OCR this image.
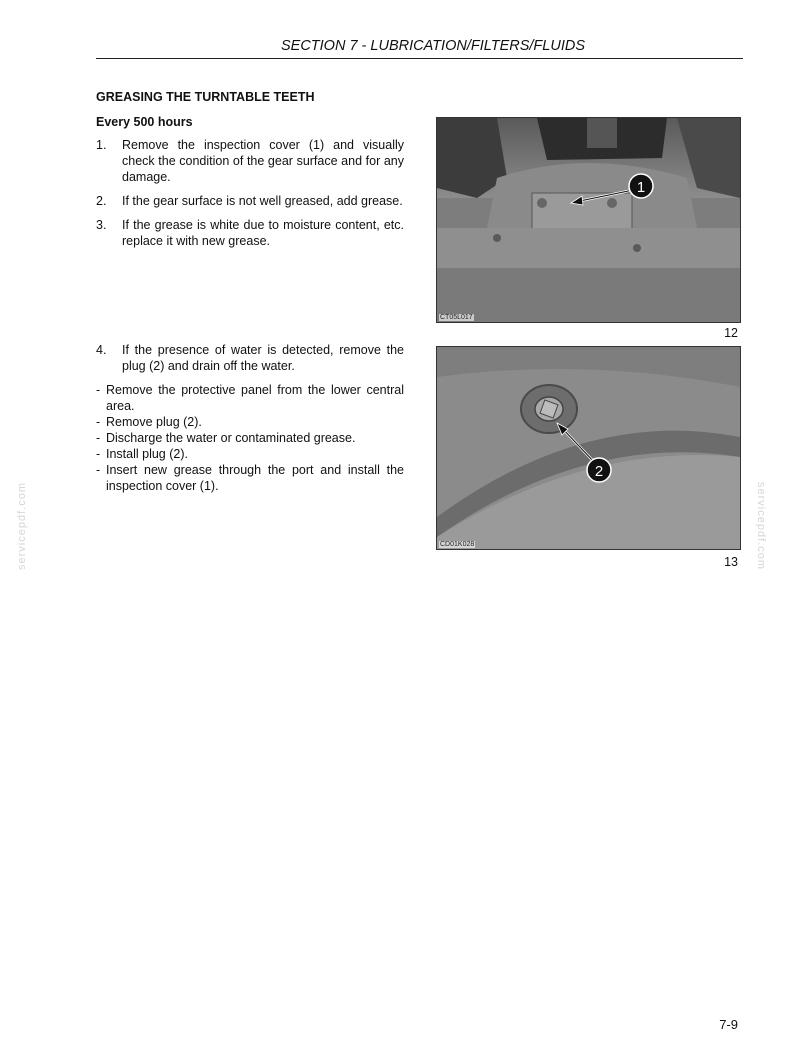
SECTION 7 - LUBRICATION/FILTERS/FLUIDS
GREASING THE TURNTABLE TEETH
Every 500 hours
1. Remove the inspection cover (1) and visually check the condition of the gear surface and for any damage.
2. If the gear surface is not well greased, add grease.
3. If the grease is white due to moisture content, etc. replace it with new grease.
4. If the presence of water is detected, remove the plug (2) and drain off the water.
- Remove the protective panel from the lower central area.
- Remove plug (2).
- Discharge the water or contaminated grease.
- Install plug (2).
- Insert new grease through the port and install the inspection cover (1).
1
CT05L017
12
2
CD01K028
13
servicepdf.com	servicepdf.com
7-9
